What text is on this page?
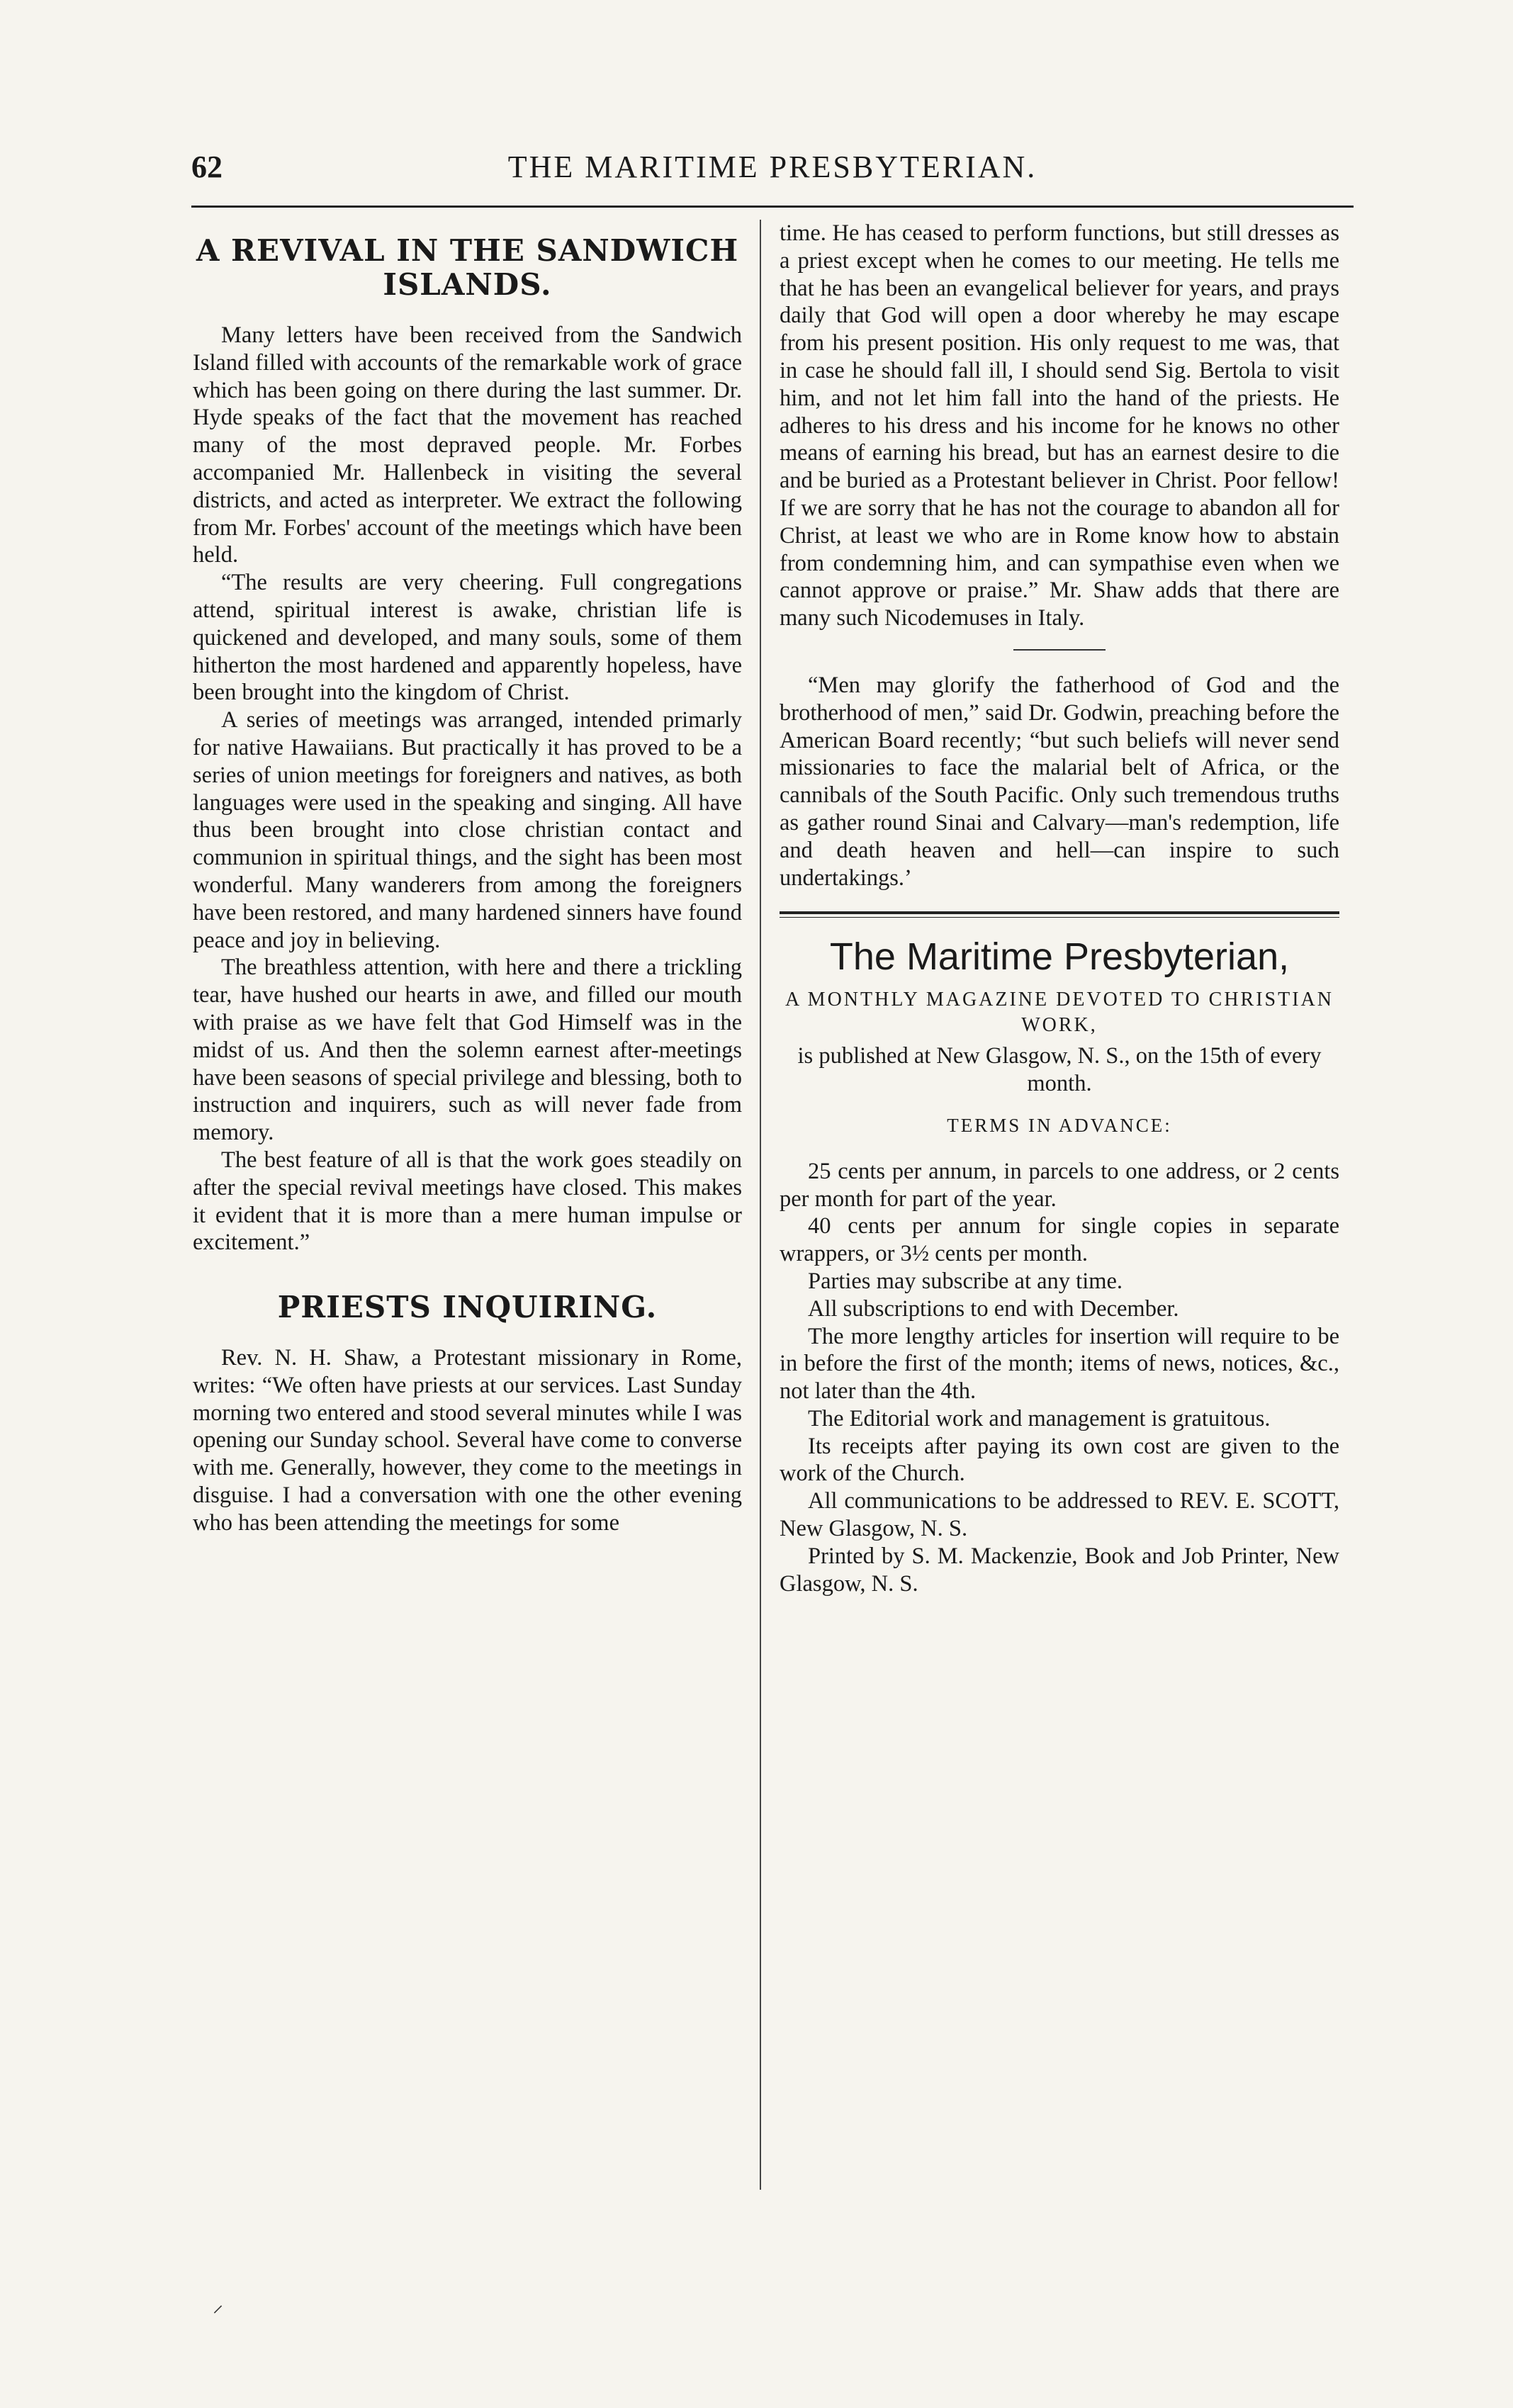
62	THE MARITIME PRESBYTERIAN.
A REVIVAL IN THE SANDWICH ISLANDS.

Many letters have been received from the Sandwich Island filled with accounts of the remarkable work of grace which has been going on there during the last summer. Dr. Hyde speaks of the fact that the movement has reached many of the most depraved people. Mr. Forbes accompanied Mr. Hallenbeck in visiting the several districts, and acted as interpreter. We extract the following from Mr. Forbes' account of the meetings which have been held.

“The results are very cheering. Full congregations attend, spiritual interest is awake, christian life is quickened and developed, and many souls, some of them hitherton the most hardened and apparently hopeless, have been brought into the kingdom of Christ.

A series of meetings was arranged, intended primarly for native Hawaiians. But practically it has proved to be a series of union meetings for foreigners and natives, as both languages were used in the speaking and singing. All have thus been brought into close christian contact and communion in spiritual things, and the sight has been most wonderful. Many wanderers from among the foreigners have been restored, and many hardened sinners have found peace and joy in believing.

The breathless attention, with here and there a trickling tear, have hushed our hearts in awe, and filled our mouth with praise as we have felt that God Himself was in the midst of us. And then the solemn earnest after-meetings have been seasons of special privilege and blessing, both to instruction and inquirers, such as will never fade from memory.

The best feature of all is that the work goes steadily on after the special revival meetings have closed. This makes it evident that it is more than a mere human impulse or excitement.”

PRIESTS INQUIRING.

Rev. N. H. Shaw, a Protestant missionary in Rome, writes: “We often have priests at our services. Last Sunday morning two entered and stood several minutes while I was opening our Sunday school. Several have come to converse with me. Generally, however, they come to the meetings in disguise. I had a conversation with one the other evening who has been attending the meetings for some

time. He has ceased to perform functions, but still dresses as a priest except when he comes to our meeting. He tells me that he has been an evangelical believer for years, and prays daily that God will open a door whereby he may escape from his present position. His only request to me was, that in case he should fall ill, I should send Sig. Bertola to visit him, and not let him fall into the hand of the priests. He adheres to his dress and his income for he knows no other means of earning his bread, but has an earnest desire to die and be buried as a Protestant believer in Christ. Poor fellow! If we are sorry that he has not the courage to abandon all for Christ, at least we who are in Rome know how to abstain from condemning him, and can sympathise even when we cannot approve or praise.” Mr. Shaw adds that there are many such Nicodemuses in Italy.

“Men may glorify the fatherhood of God and the brotherhood of men,” said Dr. Godwin, preaching before the American Board recently; “but such beliefs will never send missionaries to face the malarial belt of Africa, or the cannibals of the South Pacific. Only such tremendous truths as gather round Sinai and Calvary—man's redemption, life and death heaven and hell—can inspire to such undertakings.’

The Maritime Presbyterian,
A MONTHLY MAGAZINE DEVOTED TO CHRISTIAN WORK,
is published at New Glasgow, N. S., on the 15th of every month.
TERMS IN ADVANCE:

25 cents per annum, in parcels to one address, or 2 cents per month for part of the year.

40 cents per annum for single copies in separate wrappers, or 3½ cents per month.

Parties may subscribe at any time.

All subscriptions to end with December.

The more lengthy articles for insertion will require to be in before the first of the month; items of news, notices, &c., not later than the 4th.

The Editorial work and management is gratuitous.

Its receipts after paying its own cost are given to the work of the Church.

All communications to be addressed to REV. E. SCOTT, New Glasgow, N. S.

Printed by S. M. Mackenzie, Book and Job Printer, New Glasgow, N. S.

⸝
